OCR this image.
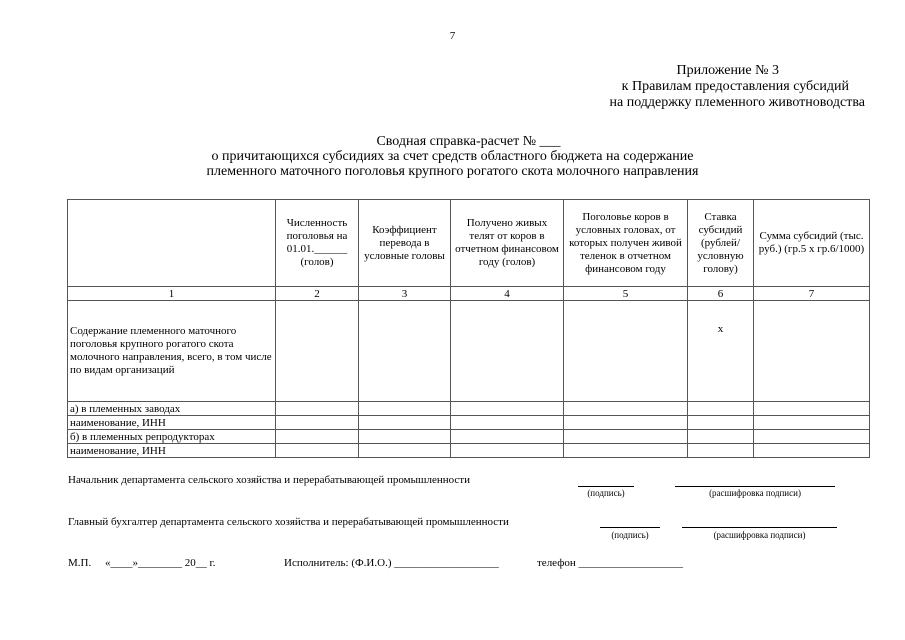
7
Приложение № 3
к Правилам предоставления субсидий
на поддержку племенного животноводства
Сводная справка-расчет № ___
о причитающихся субсидиях за счет средств областного бюджета на содержание
племенного маточного поголовья крупного рогатого скота молочного направления
	Численность поголовья на 01.01.______ (голов)	Коэффициент перевода в условные головы	Получено живых телят от коров в отчетном финансовом году (голов)	Поголовье коров в условных головах, от которых получен живой теленок в отчетном финансовом году	Ставка субсидий (рублей/ условную голову)	Сумма субсидий (тыс. руб.) (гр.5 х гр.6/1000)
1	2	3	4	5	6	7
Содержание племенного маточного поголовья крупного рогатого скота молочного направления, всего, в том числе по видам организаций					х	
а) в племенных заводах						
наименование, ИНН						
б) в племенных репродукторах						
наименование, ИНН						
Начальник департамента сельского хозяйства и перерабатывающей промышленности
(подпись)	(расшифровка подписи)
Главный бухгалтер департамента сельского хозяйства и перерабатывающей промышленности
(подпись)	(расшифровка подписи)
М.П. «____»________ 20__ г.	Исполнитель: (Ф.И.О.) ___________________	телефон ___________________
